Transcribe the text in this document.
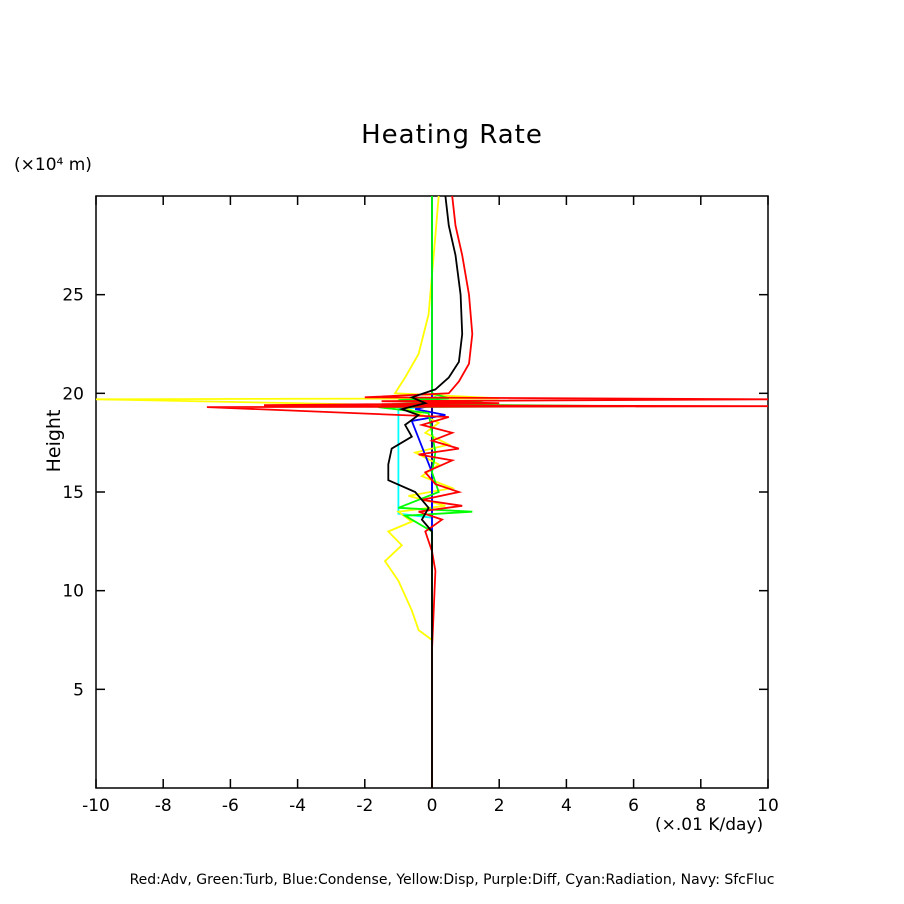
Heating Rate
(×10⁴ m)
Height
(×.01 K/day)
Red:Adv, Green:Turb, Blue:Condense, Yellow:Disp, Purple:Diff, Cyan:Radiation, Navy: SfcFluc
-10	-8	-6	-4	-2	0	2	4	6	8	10
5
10
15
20
25
